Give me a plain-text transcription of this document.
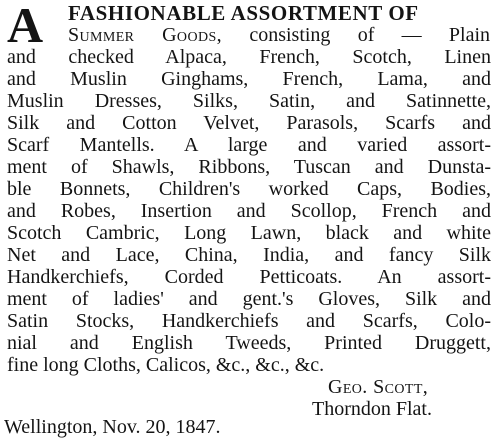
A FASHIONABLE ASSORTMENT OF
Summer Goods, consisting of — Plain
and checked Alpaca, French, Scotch, Linen
and Muslin Ginghams, French, Lama, and
Muslin Dresses, Silks, Satin, and Satinnette,
Silk and Cotton Velvet, Parasols, Scarfs and
Scarf Mantells. A large and varied assort-
ment of Shawls, Ribbons, Tuscan and Dunsta-
ble Bonnets, Children's worked Caps, Bodies,
and Robes, Insertion and Scollop, French and
Scotch Cambric, Long Lawn, black and white
Net and Lace, China, India, and fancy Silk
Handkerchiefs, Corded Petticoats. An assort-
ment of ladies' and gent.'s Gloves, Silk and
Satin Stocks, Handkerchiefs and Scarfs, Colo-
nial and English Tweeds, Printed Druggett,
fine long Cloths, Calicos, &c., &c., &c.
Geo. Scott,
Thorndon Flat.
Wellington, Nov. 20, 1847.
